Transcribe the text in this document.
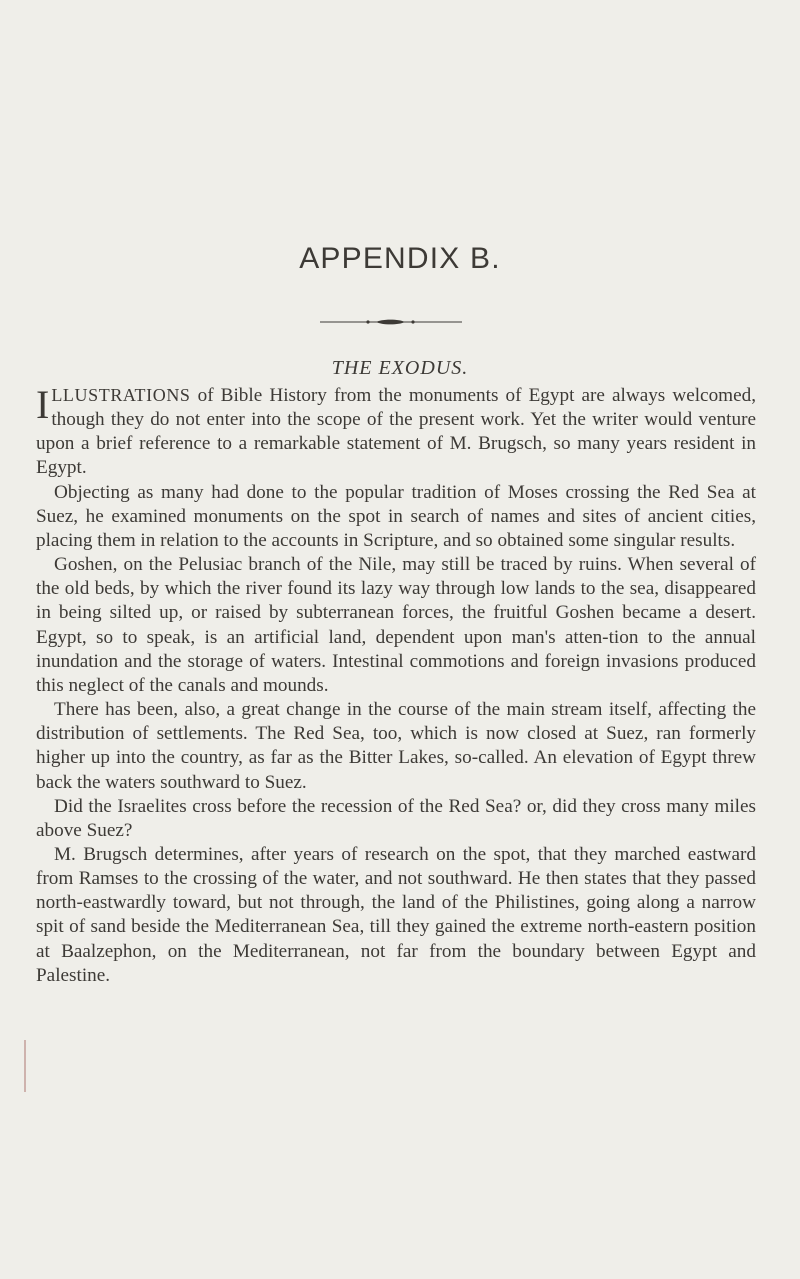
APPENDIX B.
THE EXODUS.

ILLUSTRATIONS of Bible History from the monuments of Egypt are always welcomed, though they do not enter into the scope of the present work. Yet the writer would venture upon a brief reference to a remarkable statement of M. Brugsch, so many years resident in Egypt.

Objecting as many had done to the popular tradition of Moses crossing the Red Sea at Suez, he examined monuments on the spot in search of names and sites of ancient cities, placing them in relation to the accounts in Scripture, and so obtained some singular results.

Goshen, on the Pelusiac branch of the Nile, may still be traced by ruins. When several of the old beds, by which the river found its lazy way through low lands to the sea, disappeared in being silted up, or raised by subterranean forces, the fruitful Goshen became a desert. Egypt, so to speak, is an artificial land, dependent upon man's atten-tion to the annual inundation and the storage of waters. Intestinal commotions and foreign invasions produced this neglect of the canals and mounds.

There has been, also, a great change in the course of the main stream itself, affecting the distribution of settlements. The Red Sea, too, which is now closed at Suez, ran formerly higher up into the country, as far as the Bitter Lakes, so-called. An elevation of Egypt threw back the waters southward to Suez.

Did the Israelites cross before the recession of the Red Sea? or, did they cross many miles above Suez?

M. Brugsch determines, after years of research on the spot, that they marched eastward from Ramses to the crossing of the water, and not southward. He then states that they passed north-eastwardly toward, but not through, the land of the Philistines, going along a narrow spit of sand beside the Mediterranean Sea, till they gained the extreme north-eastern position at Baalzephon, on the Mediterranean, not far from the boundary between Egypt and Palestine.
